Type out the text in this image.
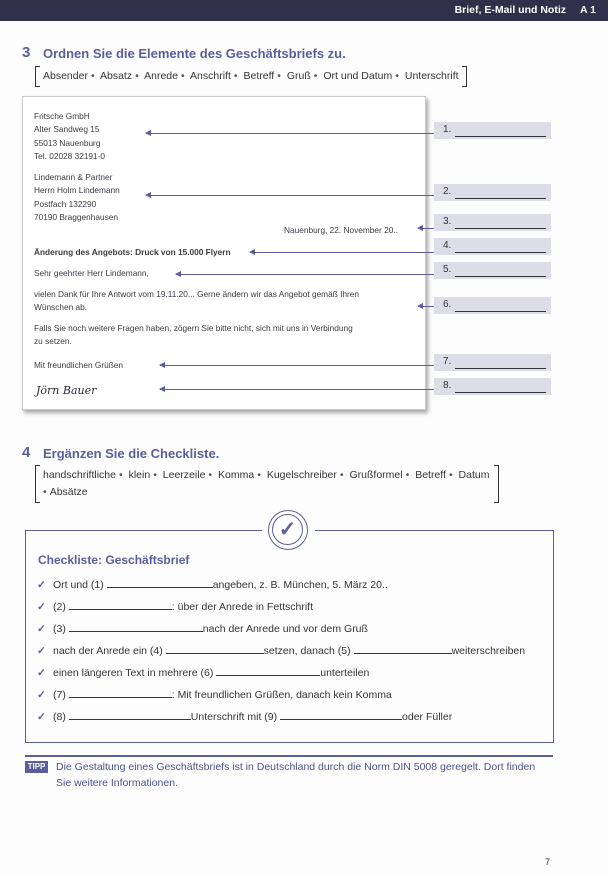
Brief, E-Mail und Notiz A 1
3 Ordnen Sie die Elemente des Geschäftsbriefs zu.
Absender • Absatz • Anrede • Anschrift • Betreff • Gruß • Ort und Datum • Unterschrift
Fritsche GmbH
Alter Sandweg 15
55013 Nauenburg
Tel. 02028 32191-0
Lindemann & Partner
Herrn Holm Lindemann
Postfach 132290
70190 Braggenhausen
Nauenburg, 22. November 20..
Änderung des Angebots: Druck von 15.000 Flyern
Sehr geehrter Herr Lindemann,
vielen Dank für Ihre Antwort vom 19.11.20... Gerne ändern wir das Angebot gemäß Ihren
Wünschen ab.
Falls Sie noch weitere Fragen haben, zögern Sie bitte nicht, sich mit uns in Verbindung
zu setzen.
Mit freundlichen Grüßen
Jörn Bauer
1.
2.
3.
4.
5.
6.
7.
8.
4 Ergänzen Sie die Checkliste.
handschriftliche • klein • Leerzeile • Komma • Kugelschreiber • Grußformel • Betreff • Datum
• Absätze
✓
Checkliste: Geschäftsbrief
✓ Ort und (1)	angeben, z. B. München, 5. März 20..
✓ (2)	: über der Anrede in Fettschrift
✓ (3)	nach der Anrede und vor dem Gruß
✓ nach der Anrede ein (4)	setzen, danach (5)	weiterschreiben
✓ einen längeren Text in mehrere (6)	unterteilen
✓ (7)	: Mit freundlichen Grüßen, danach kein Komma
✓ (8)	Unterschrift mit (9)	oder Füller
TIPP Die Gestaltung eines Geschäftsbriefs ist in Deutschland durch die Norm DIN 5008 geregelt. Dort finden Sie weitere Informationen.
7
